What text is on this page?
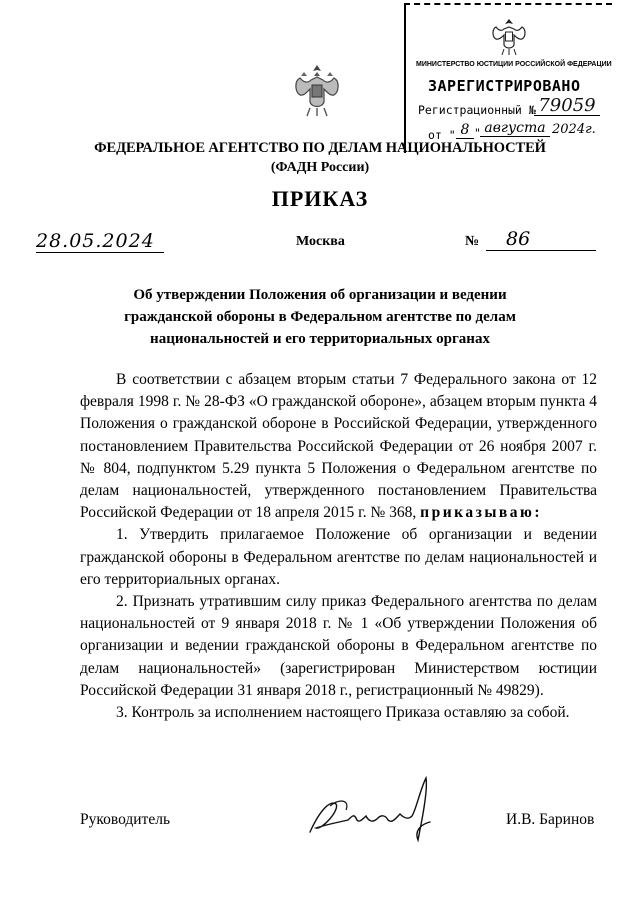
МИНИСТЕРСТВО ЮСТИЦИИ РОССИЙСКОЙ ФЕДЕРАЦИИ
ЗАРЕГИСТРИРОВАНО
Регистрационный № 79059
от " 8 " августа 2024г.
ФЕДЕРАЛЬНОЕ АГЕНТСТВО ПО ДЕЛАМ НАЦИОНАЛЬНОСТЕЙ
(ФАДН России)
ПРИКАЗ
28.05.2024	Москва	№	86
Об утверждении Положения об организации и ведении гражданской обороны в Федеральном агентстве по делам национальностей и его территориальных органах

В соответствии с абзацем вторым статьи 7 Федерального закона от 12 февраля 1998 г. № 28-ФЗ «О гражданской обороне», абзацем вторым пункта 4 Положения о гражданской обороне в Российской Федерации, утвержденного постановлением Правительства Российской Федерации от 26 ноября 2007 г. № 804, подпунктом 5.29 пункта 5 Положения о Федеральном агентстве по делам национальностей, утвержденного постановлением Правительства Российской Федерации от 18 апреля 2015 г. № 368, приказываю:

1. Утвердить прилагаемое Положение об организации и ведении гражданской обороны в Федеральном агентстве по делам национальностей и его территориальных органах.

2. Признать утратившим силу приказ Федерального агентства по делам национальностей от 9 января 2018 г. № 1 «Об утверждении Положения об организации и ведении гражданской обороны в Федеральном агентстве по делам национальностей» (зарегистрирован Министерством юстиции Российской Федерации 31 января 2018 г., регистрационный № 49829).

3. Контроль за исполнением настоящего Приказа оставляю за собой.

Руководитель	И.В. Баринов
